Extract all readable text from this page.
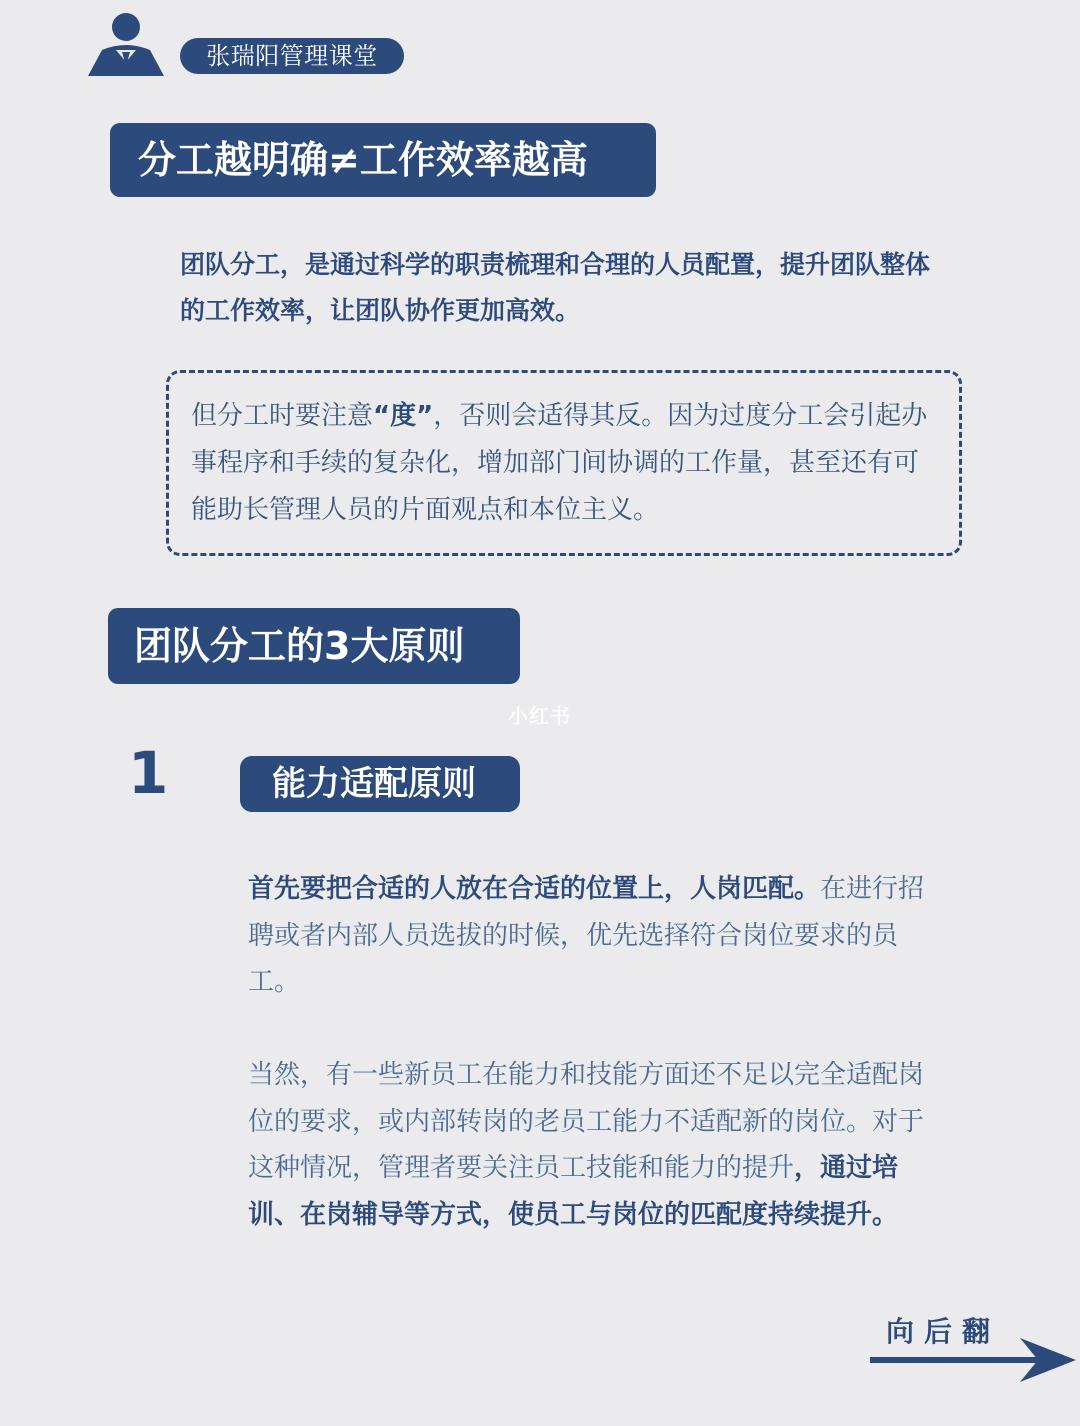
张瑞阳管理课堂
分工越明确≠工作效率越高
团队分工，是通过科学的职责梳理和合理的人员配置，提升团队整体的工作效率，让团队协作更加高效。
但分工时要注意“度”，否则会适得其反。因为过度分工会引起办事程序和手续的复杂化，增加部门间协调的工作量，甚至还有可能助长管理人员的片面观点和本位主义。
团队分工的3大原则
小红书
1	能力适配原则
首先要把合适的人放在合适的位置上，人岗匹配。在进行招聘或者内部人员选拔的时候，优先选择符合岗位要求的员工。
当然，有一些新员工在能力和技能方面还不足以完全适配岗位的要求，或内部转岗的老员工能力不适配新的岗位。对于这种情况，管理者要关注员工技能和能力的提升，通过培训、在岗辅导等方式，使员工与岗位的匹配度持续提升。
向后翻
